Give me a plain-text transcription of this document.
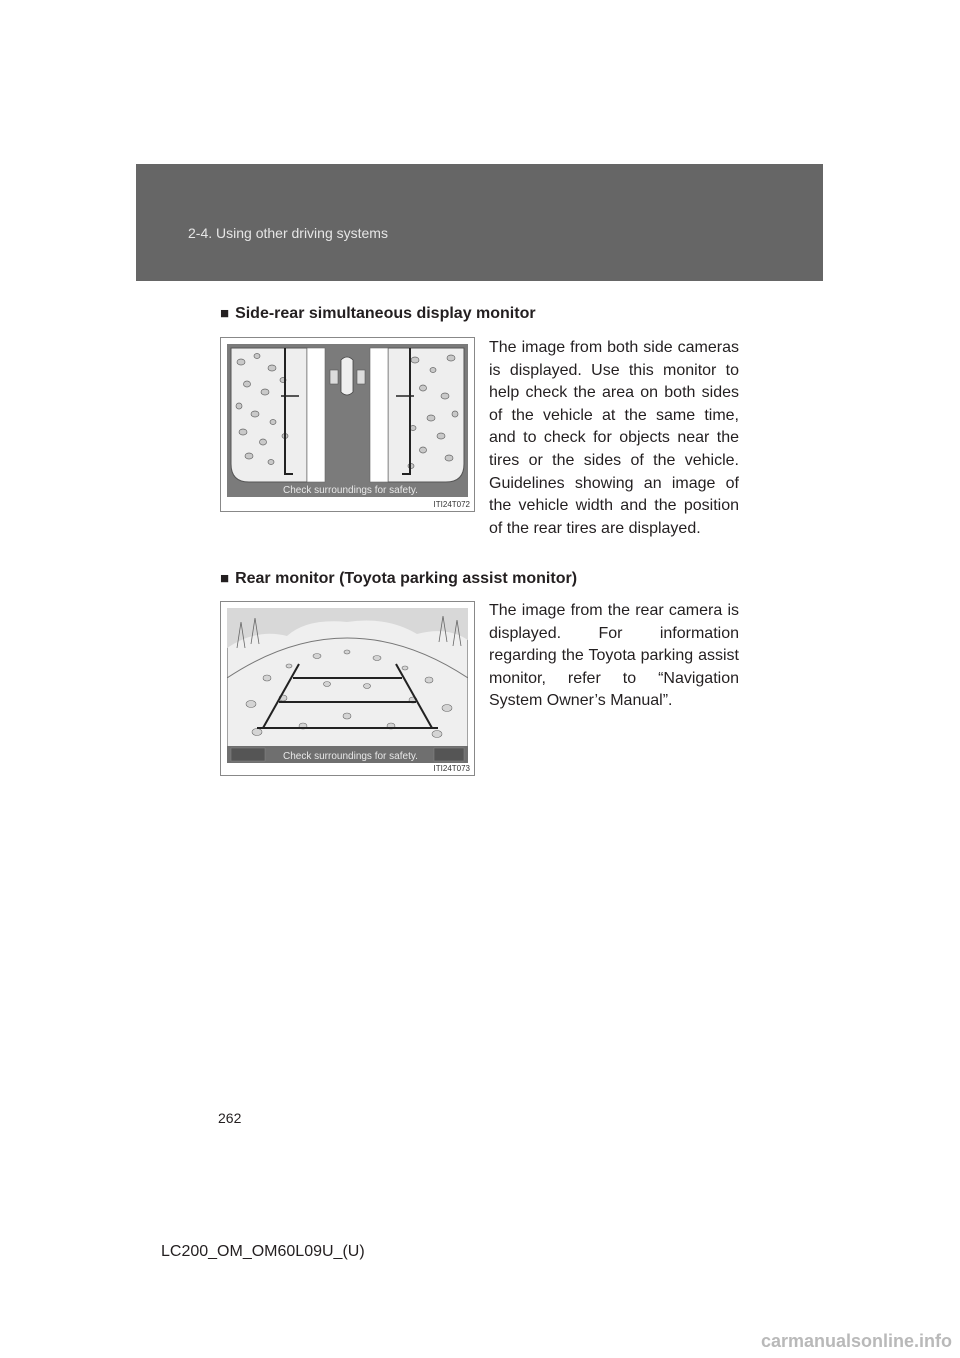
2-4. Using other driving systems
■ Side-rear simultaneous display monitor
Check surroundings for safety.
ITI24T072
The image from both side cameras is displayed. Use this monitor to help check the area on both sides of the vehicle at the same time, and to check for objects near the tires or the sides of the vehicle. Guidelines showing an image of the vehicle width and the position of the rear tires are displayed.
■ Rear monitor (Toyota parking assist monitor)
Check surroundings for safety.
ITI24T073
The image from the rear camera is displayed. For information regarding the Toyota parking assist monitor, refer to “Navigation System Owner’s Manual”.
262
LC200_OM_OM60L09U_(U)
carmanualsonline.info
